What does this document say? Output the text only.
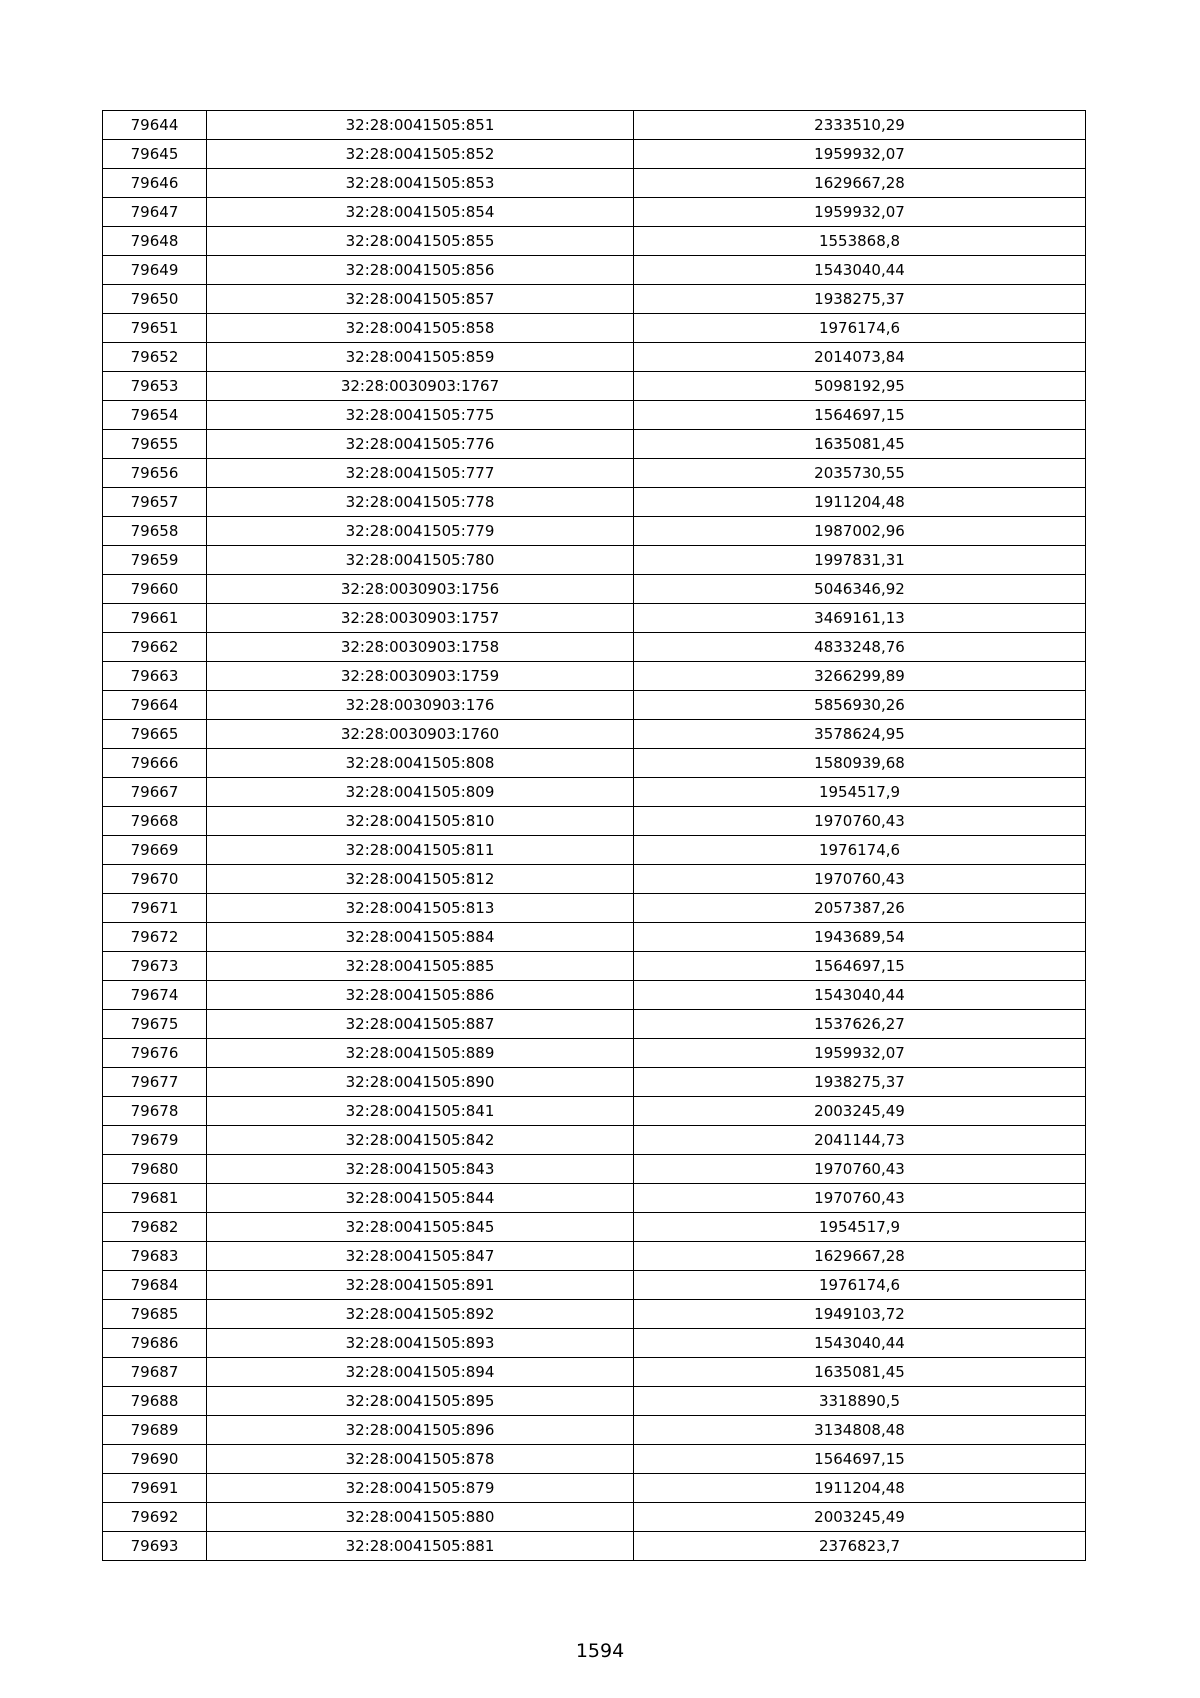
79644	32:28:0041505:851	2333510,29
79645	32:28:0041505:852	1959932,07
79646	32:28:0041505:853	1629667,28
79647	32:28:0041505:854	1959932,07
79648	32:28:0041505:855	1553868,8
79649	32:28:0041505:856	1543040,44
79650	32:28:0041505:857	1938275,37
79651	32:28:0041505:858	1976174,6
79652	32:28:0041505:859	2014073,84
79653	32:28:0030903:1767	5098192,95
79654	32:28:0041505:775	1564697,15
79655	32:28:0041505:776	1635081,45
79656	32:28:0041505:777	2035730,55
79657	32:28:0041505:778	1911204,48
79658	32:28:0041505:779	1987002,96
79659	32:28:0041505:780	1997831,31
79660	32:28:0030903:1756	5046346,92
79661	32:28:0030903:1757	3469161,13
79662	32:28:0030903:1758	4833248,76
79663	32:28:0030903:1759	3266299,89
79664	32:28:0030903:176	5856930,26
79665	32:28:0030903:1760	3578624,95
79666	32:28:0041505:808	1580939,68
79667	32:28:0041505:809	1954517,9
79668	32:28:0041505:810	1970760,43
79669	32:28:0041505:811	1976174,6
79670	32:28:0041505:812	1970760,43
79671	32:28:0041505:813	2057387,26
79672	32:28:0041505:884	1943689,54
79673	32:28:0041505:885	1564697,15
79674	32:28:0041505:886	1543040,44
79675	32:28:0041505:887	1537626,27
79676	32:28:0041505:889	1959932,07
79677	32:28:0041505:890	1938275,37
79678	32:28:0041505:841	2003245,49
79679	32:28:0041505:842	2041144,73
79680	32:28:0041505:843	1970760,43
79681	32:28:0041505:844	1970760,43
79682	32:28:0041505:845	1954517,9
79683	32:28:0041505:847	1629667,28
79684	32:28:0041505:891	1976174,6
79685	32:28:0041505:892	1949103,72
79686	32:28:0041505:893	1543040,44
79687	32:28:0041505:894	1635081,45
79688	32:28:0041505:895	3318890,5
79689	32:28:0041505:896	3134808,48
79690	32:28:0041505:878	1564697,15
79691	32:28:0041505:879	1911204,48
79692	32:28:0041505:880	2003245,49
79693	32:28:0041505:881	2376823,7
1594
